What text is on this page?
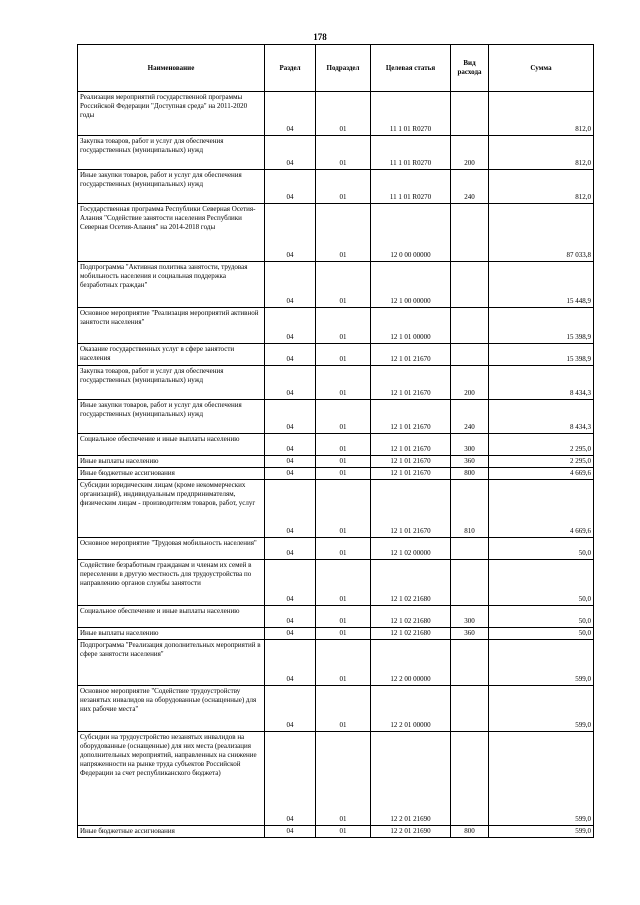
178
Наименование	Раздел	Подраздел	Целевая статья	Вид расхода	Сумма
Реализация мероприятий государственной программы Российской Федерации "Доступная среда" на 2011-2020 годы	04	01	11 1 01 R0270		812,0
Закупка товаров, работ и услуг для обеспечения государственных (муниципальных) нужд	04	01	11 1 01 R0270	200	812,0
Иные закупки товаров, работ и услуг для обеспечения государственных (муниципальных) нужд	04	01	11 1 01 R0270	240	812,0
Государственная программа Республики Северная Осетия-Алания "Содействие занятости населения Республики Северная Осетия-Алания" на 2014-2018 годы	04	01	12 0 00 00000		87 033,8
Подпрограмма "Активная политика занятости, трудовая мобильность населения и социальная поддержка безработных граждан"	04	01	12 1 00 00000		15 448,9
Основное мероприятие "Реализация мероприятий активной занятости населения"	04	01	12 1 01 00000		15 398,9
Оказание государственных услуг в сфере занятости населения	04	01	12 1 01 21670		15 398,9
Закупка товаров, работ и услуг для обеспечения государственных (муниципальных) нужд	04	01	12 1 01 21670	200	8 434,3
Иные закупки товаров, работ и услуг для обеспечения государственных (муниципальных) нужд	04	01	12 1 01 21670	240	8 434,3
Социальное обеспечение и иные выплаты населению	04	01	12 1 01 21670	300	2 295,0
Иные выплаты населению	04	01	12 1 01 21670	360	2 295,0
Иные бюджетные ассигнования	04	01	12 1 01 21670	800	4 669,6
Субсидии юридическим лицам (кроме некоммерческих организаций), индивидуальным предпринимателям, физическим лицам - производителям товаров, работ, услуг	04	01	12 1 01 21670	810	4 669,6
Основное мероприятие "Трудовая мобильность населения"	04	01	12 1 02 00000		50,0
Содействие безработным гражданам и членам их семей в переселении в другую местность для трудоустройства по направлению органов службы занятости	04	01	12 1 02 21680		50,0
Социальное обеспечение и иные выплаты населению	04	01	12 1 02 21680	300	50,0
Иные выплаты населению	04	01	12 1 02 21680	360	50,0
Подпрограмма "Реализация дополнительных мероприятий в сфере занятости населения"	04	01	12 2 00 00000		599,0
Основное мероприятие "Содействие трудоустройству незанятых инвалидов на оборудованные (оснащенные) для них рабочие места"	04	01	12 2 01 00000		599,0
Субсидии на трудоустройство незанятых инвалидов на оборудованные (оснащенные) для них места (реализация дополнительных мероприятий, направленных на снижение напряженности на рынке труда субъектов Российской Федерации за счет республиканского бюджета)	04	01	12 2 01 21690		599,0
Иные бюджетные ассигнования	04	01	12 2 01 21690	800	599,0
